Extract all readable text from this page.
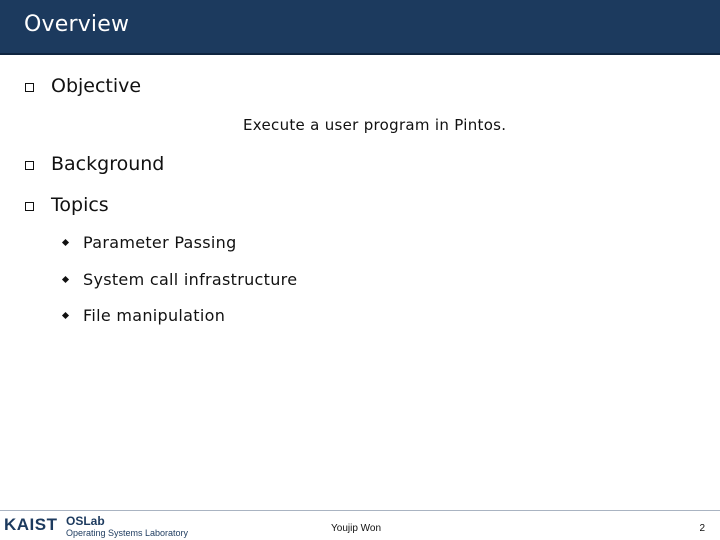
Overview
Objective
Execute a user program in Pintos.
Background
Topics
Parameter Passing
System call infrastructure
File manipulation
KAIST OSLab
Operating Systems Laboratory	Youjip Won	2
